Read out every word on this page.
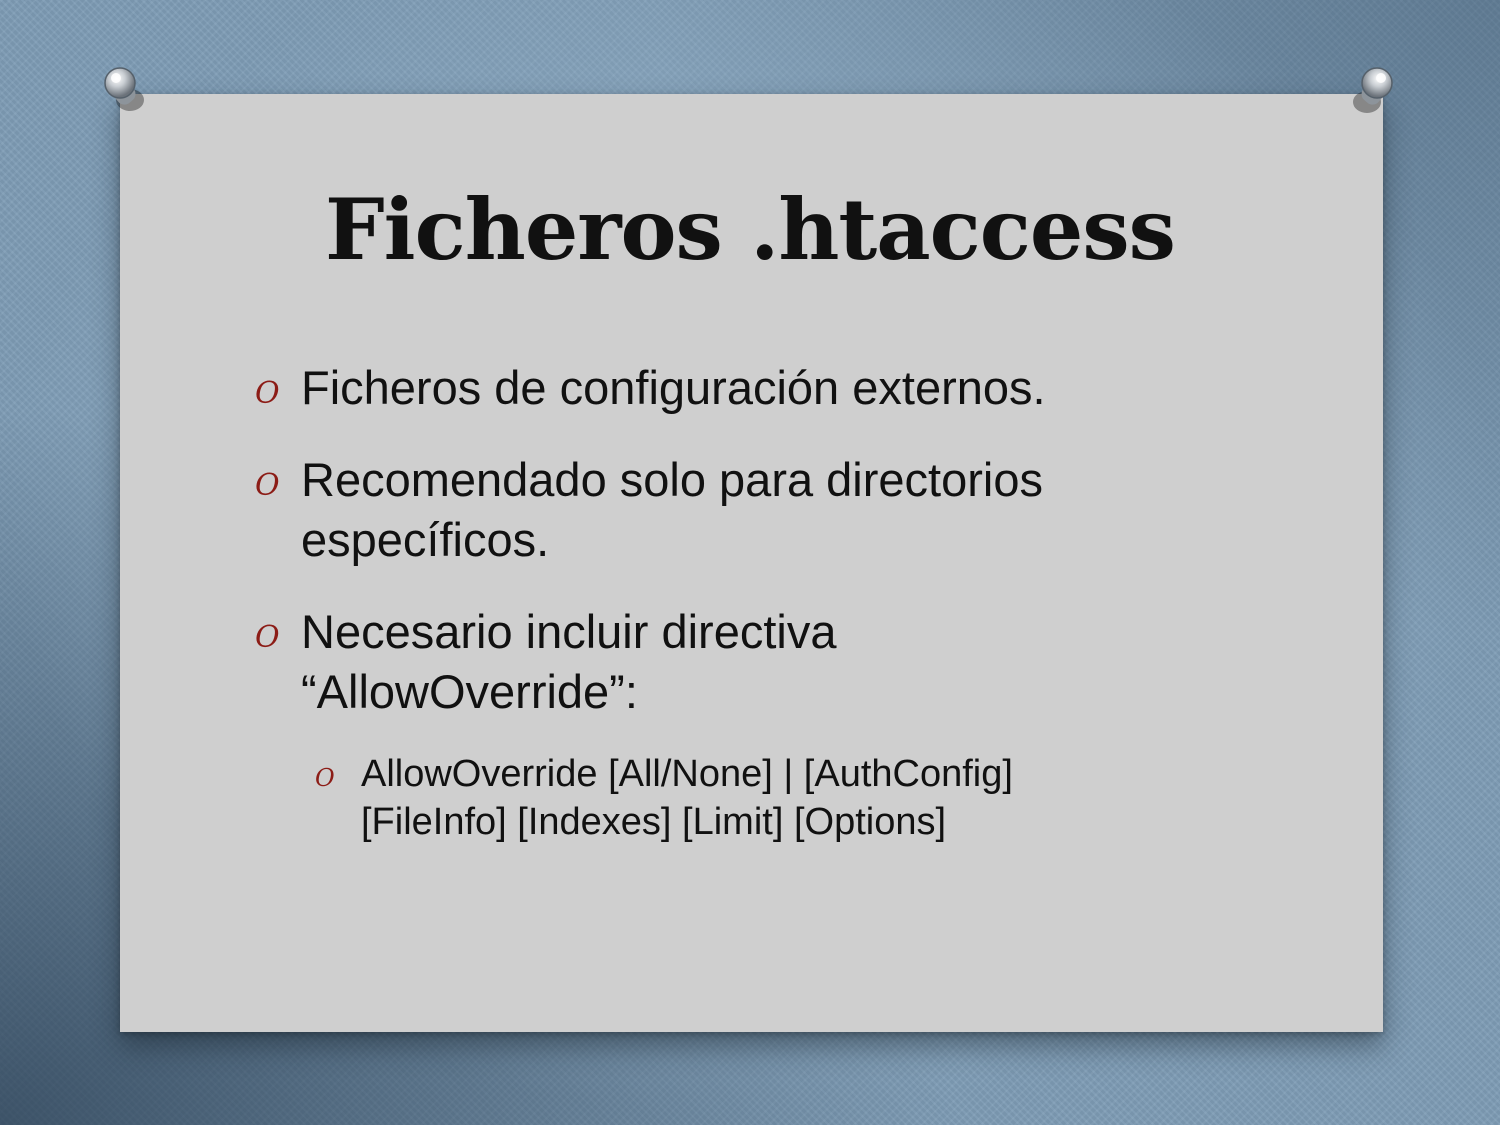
Ficheros .htaccess
O Ficheros de configuración externos.
O Recomendado solo para directorios
específicos.
O Necesario incluir directiva
“AllowOverride”:
O AllowOverride [All/None] | [AuthConfig]
[FileInfo] [Indexes] [Limit] [Options]
